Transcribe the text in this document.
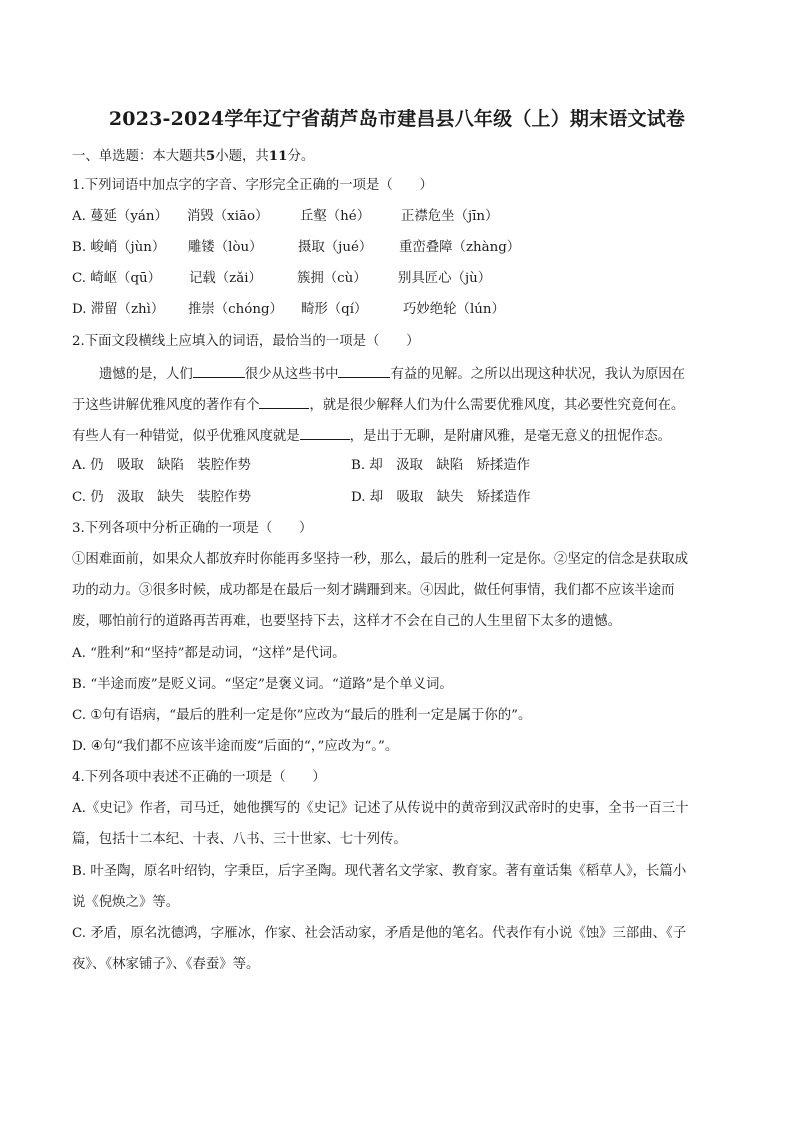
2023-2024学年辽宁省葫芦岛市建昌县八年级（上）期末语文试卷
一、单选题：本大题共5小题，共11分。
1.下列词语中加点字的字音、字形完全正确的一项是（　　）
A. 蔓延（yán） 消毁（xiāo） 丘壑（hé） 正襟危坐（jīn）
B. 峻峭（jùn） 雕镂（lòu）	摄取（jué） 重峦叠障（zhàng）
C. 崎岖（qū） 记载（zǎi）	簇拥（cù） 别具匠心（jù）
D. 滞留（zhì） 推崇（chóng） 畸形（qí）	巧妙绝轮（lún）
2.下面文段横线上应填入的词语，最恰当的一项是（　　）
遗憾的是，人们	很少从这些书中	有益的见解。之所以出现这种状况，我认为原因在
于这些讲解优雅风度的著作有个	，就是很少解释人们为什么需要优雅风度，其必要性究竟何在。
有些人有一种错觉，似乎优雅风度就是	，是出于无聊，是附庸风雅，是毫无意义的扭怩作态。
A. 仍　吸取　缺陷　装腔作势	B. 却　汲取　缺陷　矫揉造作
C. 仍　汲取　缺失　装腔作势	D. 却　吸取　缺失　矫揉造作
3.下列各项中分析正确的一项是（　　）
①困难面前，如果众人都放弃时你能再多坚持一秒，那么，最后的胜利一定是你。②坚定的信念是获取成
功的动力。③很多时候，成功都是在最后一刻才蹒跚到来。④因此，做任何事情，我们都不应该半途而
废，哪怕前行的道路再苦再难，也要坚持下去，这样才不会在自己的人生里留下太多的遗憾。
A. “胜利”和“坚持”都是动词，“这样”是代词。
B. “半途而废”是贬义词。“坚定”是褒义词。“道路”是个单义词。
C. ①句有语病，“最后的胜利一定是你”应改为“最后的胜利一定是属于你的”。
D. ④句“我们都不应该半途而废”后面的“，”应改为“。”。
4.下列各项中表述不正确的一项是（　　）
A.《史记》作者，司马迁，她他撰写的《史记》记述了从传说中的黄帝到汉武帝时的史事，全书一百三十
篇，包括十二本纪、十表、八书、三十世家、七十列传。
B. 叶圣陶，原名叶绍钧，字秉臣，后字圣陶。现代著名文学家、教育家。著有童话集《稻草人》，长篇小
说《倪焕之》等。
C. 矛盾，原名沈德鸿，字雁冰，作家、社会活动家，矛盾是他的笔名。代表作有小说《蚀》三部曲、《子
夜》、《林家铺子》、《春蚕》等。
